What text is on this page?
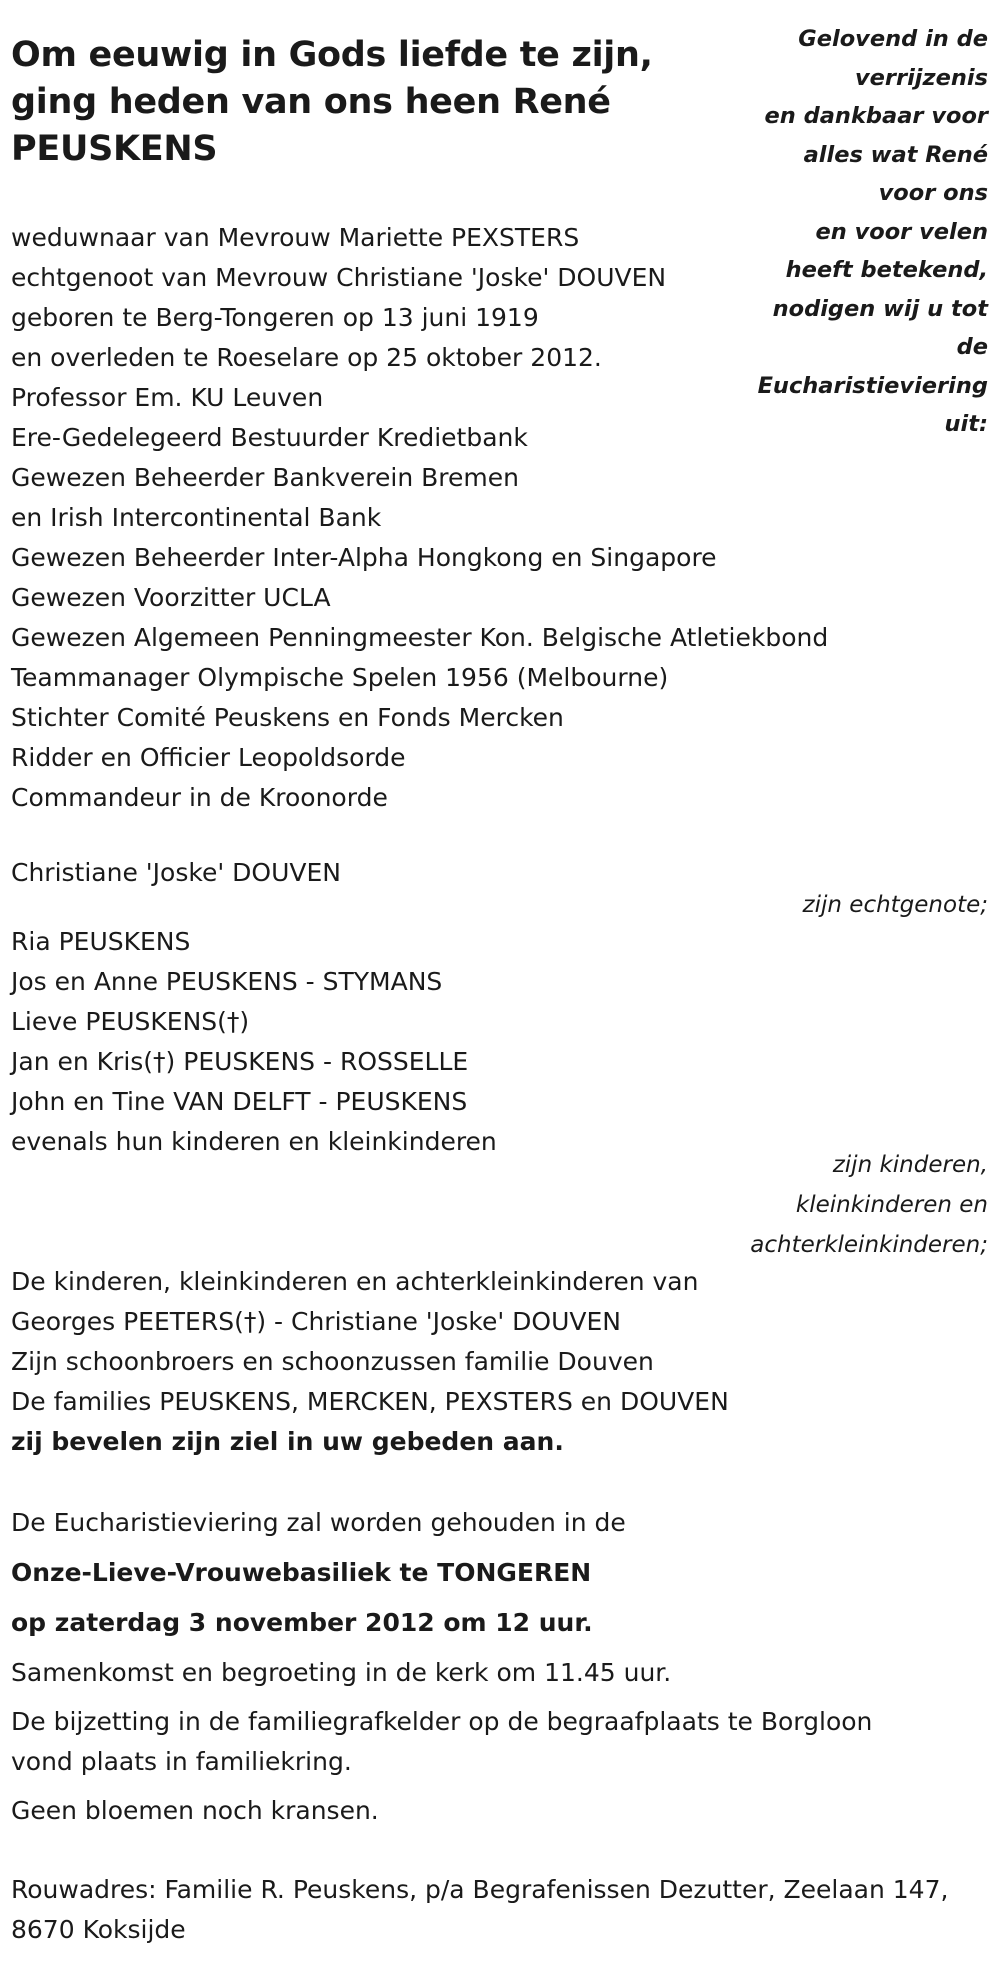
Om eeuwig in Gods liefde te zijn,
ging heden van ons heen René
PEUSKENS
Gelovend in de
verrijzenis
en dankbaar voor
alles wat René
voor ons
en voor velen
heeft betekend,
nodigen wij u tot
de
Eucharistieviering
uit:
weduwnaar van Mevrouw Mariette PEXSTERS
echtgenoot van Mevrouw Christiane 'Joske' DOUVEN
geboren te Berg-Tongeren op 13 juni 1919
en overleden te Roeselare op 25 oktober 2012.
Professor Em. KU Leuven
Ere-Gedelegeerd Bestuurder Kredietbank
Gewezen Beheerder Bankverein Bremen
en Irish Intercontinental Bank
Gewezen Beheerder Inter-Alpha Hongkong en Singapore
Gewezen Voorzitter UCLA
Gewezen Algemeen Penningmeester Kon. Belgische Atletiekbond
Teammanager Olympische Spelen 1956 (Melbourne)
Stichter Comité Peuskens en Fonds Mercken
Ridder en Officier Leopoldsorde
Commandeur in de Kroonorde
Christiane 'Joske' DOUVEN
zijn echtgenote;
Ria PEUSKENS
Jos en Anne PEUSKENS - STYMANS
Lieve PEUSKENS(†)
Jan en Kris(†) PEUSKENS - ROSSELLE
John en Tine VAN DELFT - PEUSKENS
evenals hun kinderen en kleinkinderen
zijn kinderen,
kleinkinderen en
achterkleinkinderen;
De kinderen, kleinkinderen en achterkleinkinderen van
Georges PEETERS(†) - Christiane 'Joske' DOUVEN
Zijn schoonbroers en schoonzussen familie Douven
De families PEUSKENS, MERCKEN, PEXSTERS en DOUVEN
zij bevelen zijn ziel in uw gebeden aan.
De Eucharistieviering zal worden gehouden in de
Onze-Lieve-Vrouwebasiliek te TONGEREN
op zaterdag 3 november 2012 om 12 uur.
Samenkomst en begroeting in de kerk om 11.45 uur.
De bijzetting in de familiegrafkelder op de begraafplaats te Borgloon
vond plaats in familiekring.
Geen bloemen noch kransen.
Rouwadres: Familie R. Peuskens, p/a Begrafenissen Dezutter, Zeelaan 147,
8670 Koksijde
